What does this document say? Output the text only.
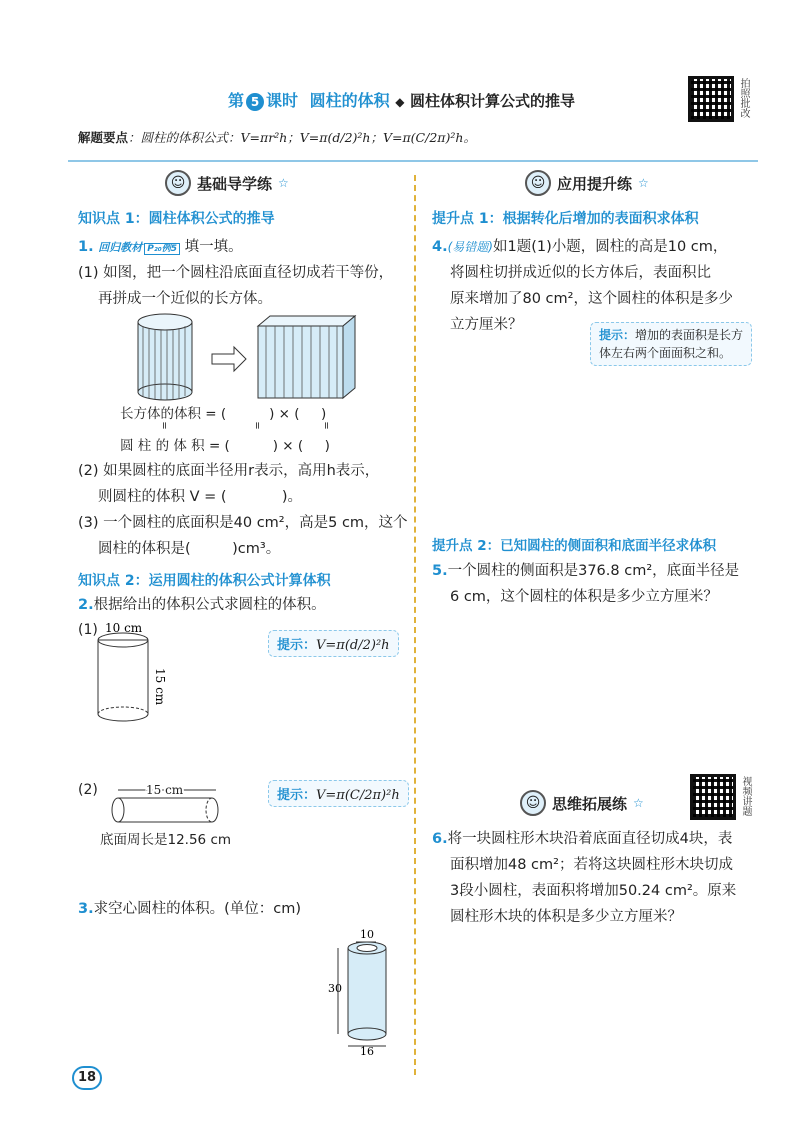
第 5 课时 圆柱的体积 ◆ 圆柱体积计算公式的推导	拍照批改
解题要点：圆柱的体积公式：V=πr²h；V=π(d/2)²h；V=π(C/2π)²h。
☺ 基础导学练 ☆
知识点 1：圆柱体积公式的推导
1. 回归教材 P₂₀例5 填一填。
(1) 如图，把一个圆柱沿底面直径切成若干等份，
再拼成一个近似的长方体。
长方体的体积 = (          ) × (     )
=	=	=
圆 柱 的 体 积 = (          ) × (     )
(2) 如果圆柱的底面半径用r表示，高用h表示，
则圆柱的体积 V = (            )。
(3) 一个圆柱的底面积是40 cm²，高是5 cm，这个
圆柱的体积是(         )cm³。
知识点 2：运用圆柱的体积公式计算体积
2.根据给出的体积公式求圆柱的体积。
(1) 10 cm
15 cm
提示：V=π(d/2)²h
(2)	15 cm
底面周长是12.56 cm
提示：V=π(C/2π)²h
3.求空心圆柱的体积。(单位：cm)
10
30
16
18
☺ 应用提升练 ☆
提升点 1：根据转化后增加的表面积求体积
4.(易错题)如1题(1)小题，圆柱的高是10 cm，
将圆柱切拼成近似的长方体后，表面积比
原来增加了80 cm²，这个圆柱的体积是多少
立方厘米？
提示：增加的表面积是长方
体左右两个面面积之和。
提升点 2：已知圆柱的侧面积和底面半径求体积
5.一个圆柱的侧面积是376.8 cm²，底面半径是
6 cm，这个圆柱的体积是多少立方厘米？
☺ 思维拓展练 ☆	视频讲题
6.将一块圆柱形木块沿着底面直径切成4块，表
面积增加48 cm²；若将这块圆柱形木块切成
3段小圆柱，表面积将增加50.24 cm²。原来
圆柱形木块的体积是多少立方厘米？
